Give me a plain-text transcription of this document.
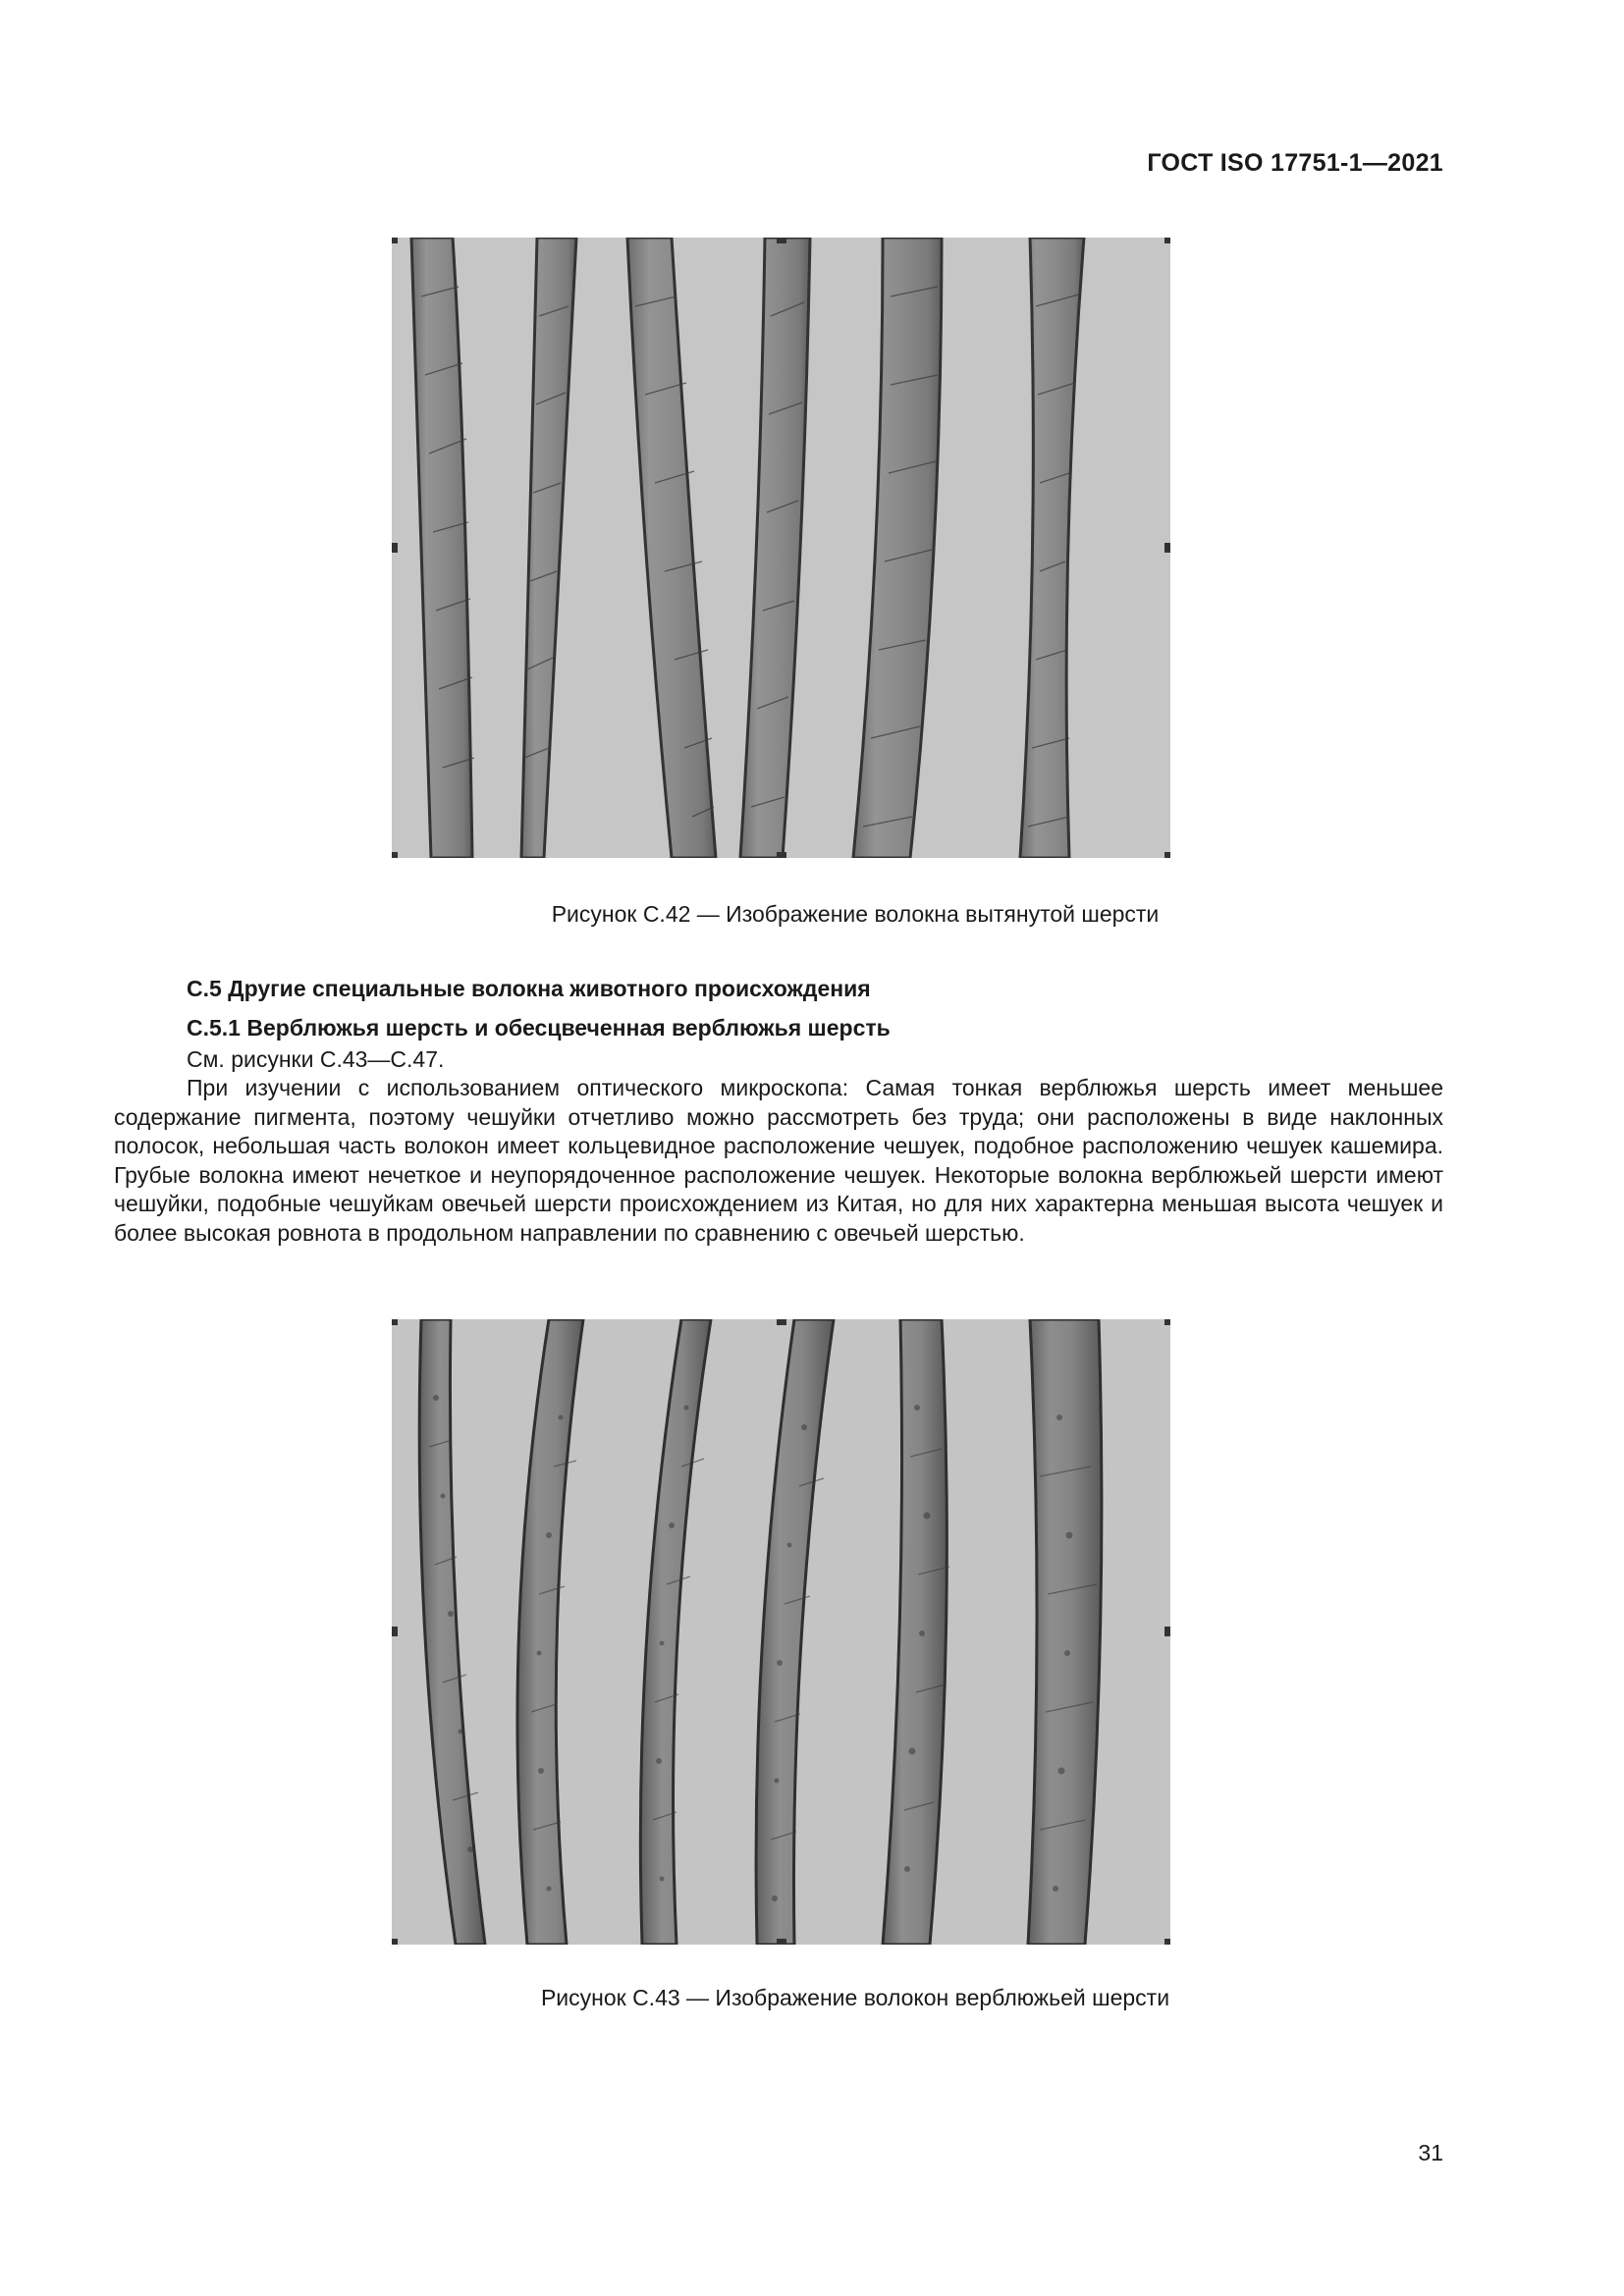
ГОСТ ISO 17751-1—2021
Рисунок С.42 — Изображение волокна вытянутой шерсти
С.5 Другие специальные волокна животного происхождения
С.5.1 Верблюжья шерсть и обесцвеченная верблюжья шерсть
См. рисунки С.43—С.47.
При изучении с использованием оптического микроскопа: Самая тонкая верблюжья шерсть имеет меньшее содержание пигмента, поэтому чешуйки отчетливо можно рассмотреть без труда; они расположены в виде наклонных полосок, небольшая часть волокон имеет кольцевидное расположение чешуек, подобное расположению чешуек кашемира. Грубые волокна имеют нечеткое и неупорядоченное расположение чешуек. Некоторые волокна верблюжьей шерсти имеют чешуйки, подобные чешуйкам овечьей шерсти происхождением из Китая, но для них характерна меньшая высота чешуек и более высокая ровнота в продольном направлении по сравнению с овечьей шерстью.
Рисунок С.43 — Изображение волокон верблюжьей шерсти
31
